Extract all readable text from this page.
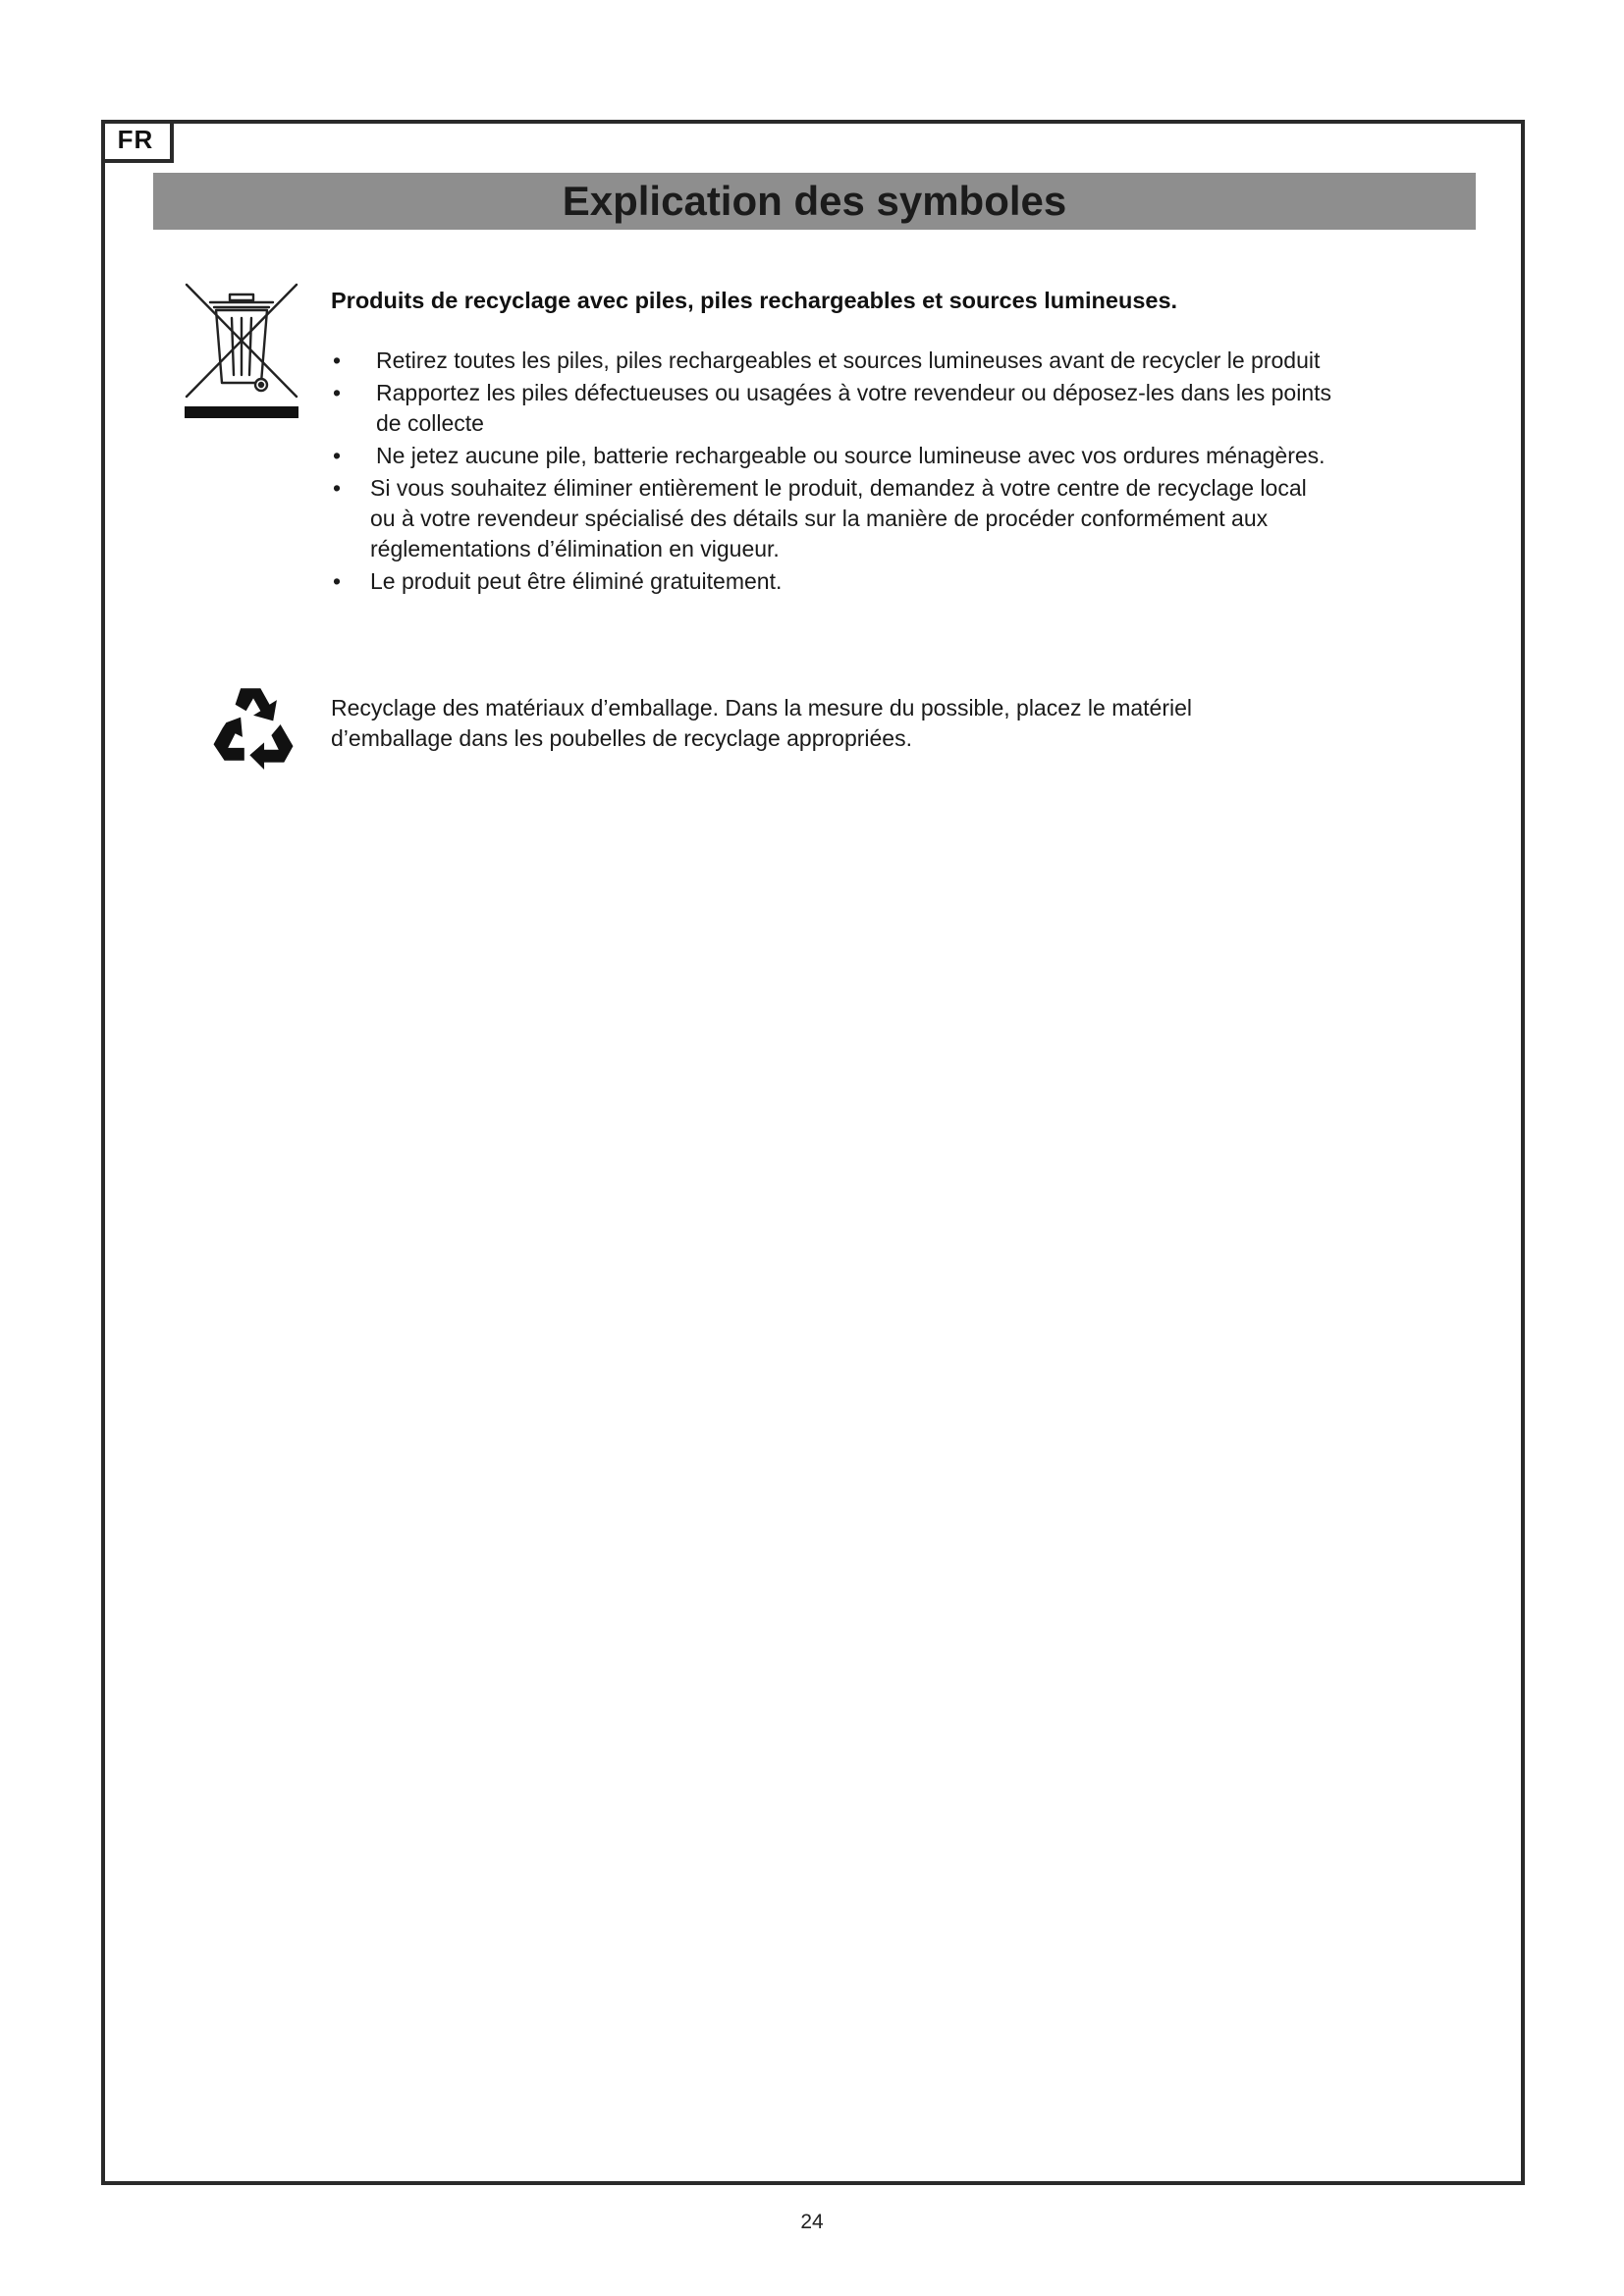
FR
Explication des symboles
Produits de recyclage avec piles, piles rechargeables et sources lumineuses.
• Retirez toutes les piles, piles rechargeables et sources lumineuses avant de recycler le produit
• Rapportez les piles défectueuses ou usagées à votre revendeur ou déposez-les dans les points de collecte
• Ne jetez aucune pile, batterie rechargeable ou source lumineuse avec vos ordures ménagères.
• Si vous souhaitez éliminer entièrement le produit, demandez à votre centre de recyclage local ou à votre revendeur spécialisé des détails sur la manière de procéder conformément aux réglementations d’élimination en vigueur.
• Le produit peut être éliminé gratuitement.
Recyclage des matériaux d’emballage. Dans la mesure du possible, placez le matériel d’emballage dans les poubelles de recyclage appropriées.
24
